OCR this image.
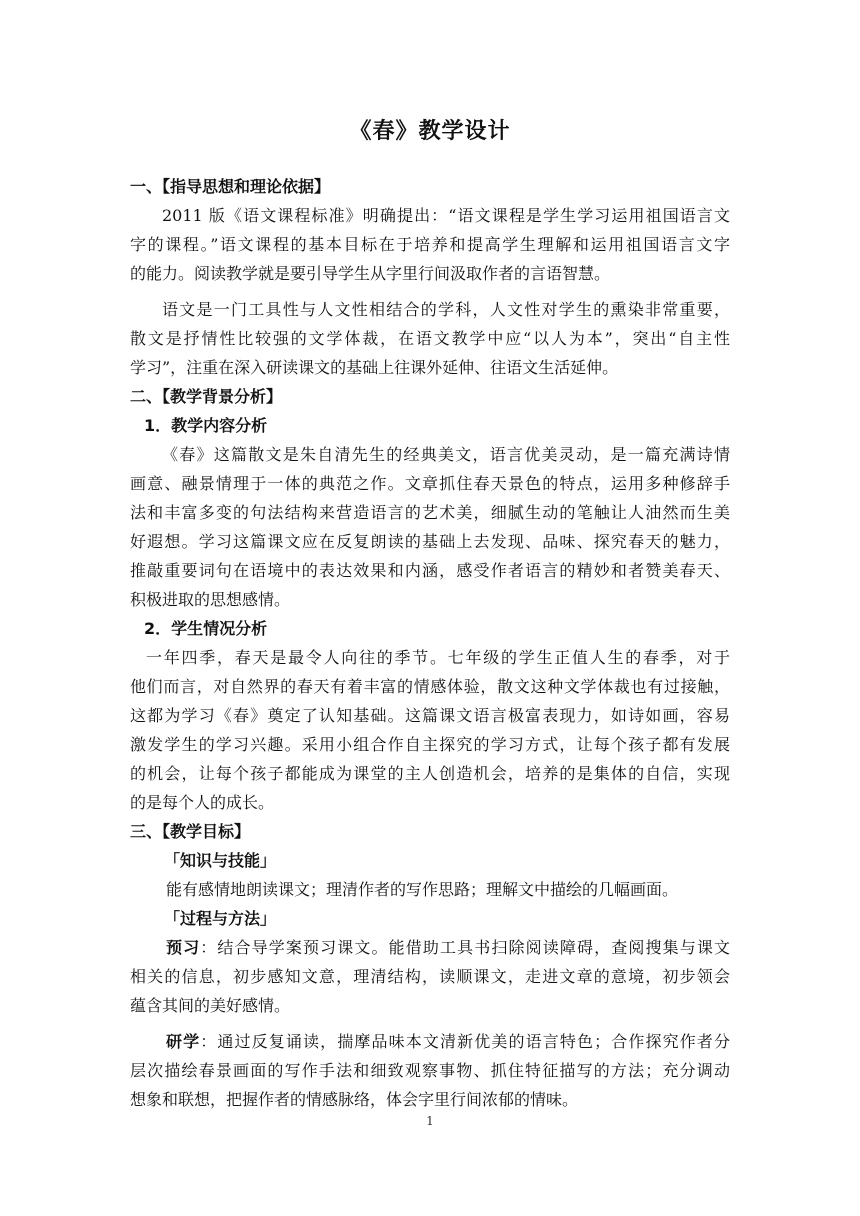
《春》教学设计
一、【指导思想和理论依据】
2011 版《语文课程标准》明确提出：“语文课程是学生学习运用祖国语言文
字的课程。”语文课程的基本目标在于培养和提高学生理解和运用祖国语言文字
的能力。阅读教学就是要引导学生从字里行间汲取作者的言语智慧。
语文是一门工具性与人文性相结合的学科，人文性对学生的熏染非常重要，
散文是抒情性比较强的文学体裁，在语文教学中应“以人为本”，突出“自主性
学习”，注重在深入研读课文的基础上往课外延伸、往语文生活延伸。
二、【教学背景分析】
1．教学内容分析
《春》这篇散文是朱自清先生的经典美文，语言优美灵动，是一篇充满诗情
画意、融景情理于一体的典范之作。文章抓住春天景色的特点，运用多种修辞手
法和丰富多变的句法结构来营造语言的艺术美，细腻生动的笔触让人油然而生美
好遐想。学习这篇课文应在反复朗读的基础上去发现、品味、探究春天的魅力，
推敲重要词句在语境中的表达效果和内涵，感受作者语言的精妙和者赞美春天、
积极进取的思想感情。
2．学生情况分析
一年四季，春天是最令人向往的季节。七年级的学生正值人生的春季，对于
他们而言，对自然界的春天有着丰富的情感体验，散文这种文学体裁也有过接触，
这都为学习《春》奠定了认知基础。这篇课文语言极富表现力，如诗如画，容易
激发学生的学习兴趣。采用小组合作自主探究的学习方式，让每个孩子都有发展
的机会，让每个孩子都能成为课堂的主人创造机会，培养的是集体的自信，实现
的是每个人的成长。
三、【教学目标】
「知识与技能」
能有感情地朗读课文；理清作者的写作思路；理解文中描绘的几幅画面。
「过程与方法」
预习：结合导学案预习课文。能借助工具书扫除阅读障碍，查阅搜集与课文
相关的信息，初步感知文意，理清结构，读顺课文，走进文章的意境，初步领会
蕴含其间的美好感情。
研学：通过反复诵读，揣摩品味本文清新优美的语言特色；合作探究作者分
层次描绘春景画面的写作手法和细致观察事物、抓住特征描写的方法；充分调动
想象和联想，把握作者的情感脉络，体会字里行间浓郁的情味。
1
